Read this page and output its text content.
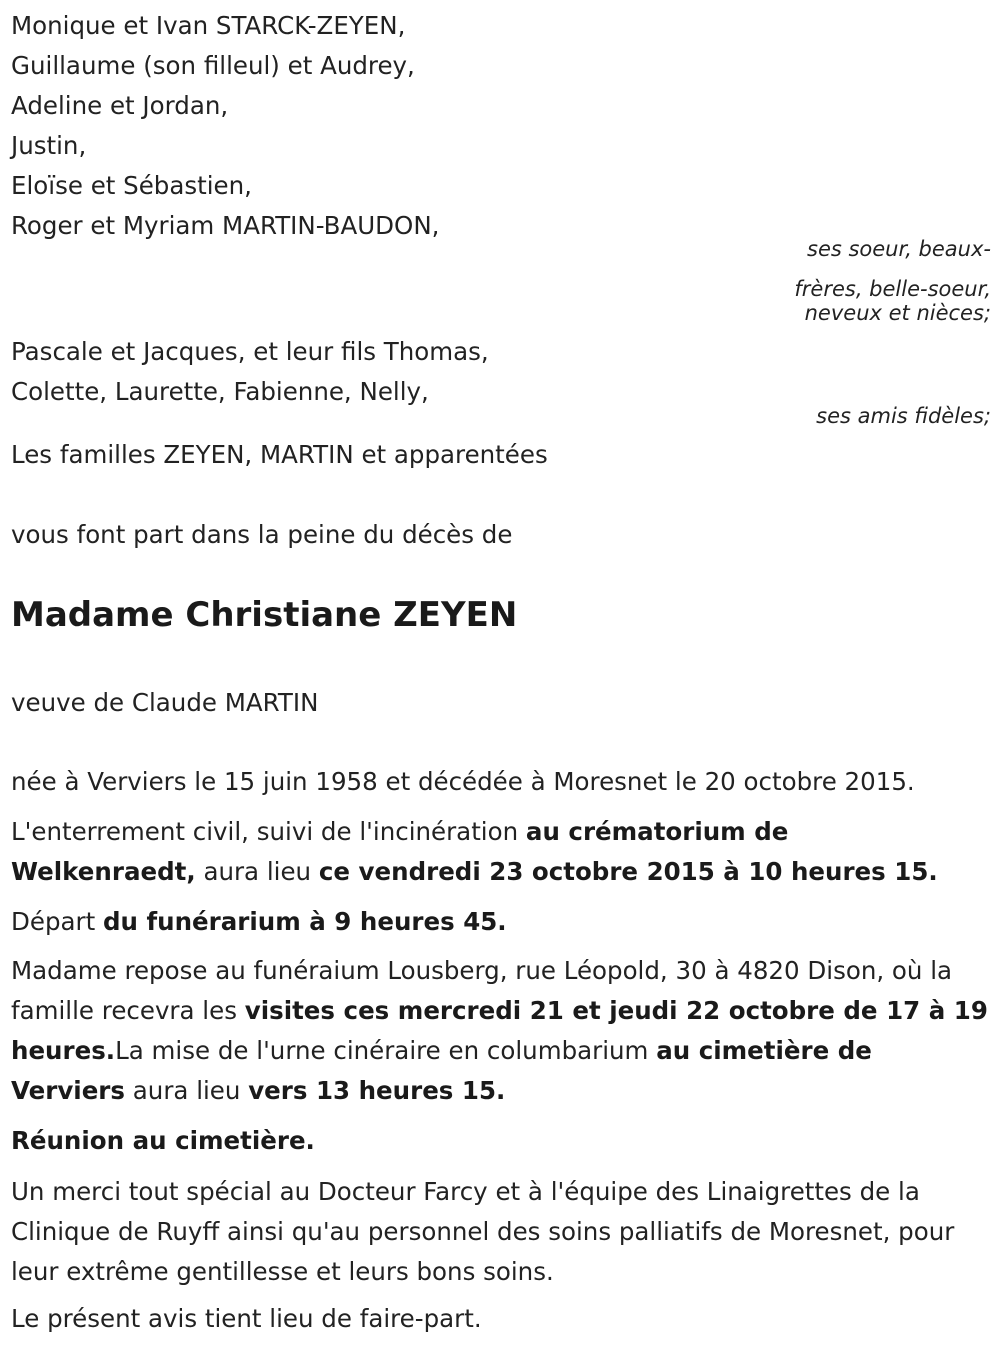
Monique et Ivan STARCK-ZEYEN,
Guillaume (son filleul) et Audrey,
Adeline et Jordan,
Justin,
Eloïse et Sébastien,
Roger et Myriam MARTIN-BAUDON,
ses soeur, beaux-
frères, belle-soeur,
neveux et nièces;
Pascale et Jacques, et leur fils Thomas,
Colette, Laurette, Fabienne, Nelly,
ses amis fidèles;
Les familles ZEYEN, MARTIN et apparentées
vous font part dans la peine du décès de
Madame Christiane ZEYEN
veuve de Claude MARTIN
née à Verviers le 15 juin 1958 et décédée à Moresnet le 20 octobre 2015.
L'enterrement civil, suivi de l'incinération au crématorium de Welkenraedt, aura lieu ce vendredi 23 octobre 2015 à 10 heures 15.
Départ du funérarium à 9 heures 45.
Madame repose au funéraium Lousberg, rue Léopold, 30 à 4820 Dison, où la famille recevra les visites ces mercredi 21 et jeudi 22 octobre de 17 à 19 heures.La mise de l'urne cinéraire en columbarium au cimetière de Verviers aura lieu vers 13 heures 15.
Réunion au cimetière.
Un merci tout spécial au Docteur Farcy et à l'équipe des Linaigrettes de la Clinique de Ruyff ainsi qu'au personnel des soins palliatifs de Moresnet, pour leur extrême gentillesse et leurs bons soins.
Le présent avis tient lieu de faire-part.
